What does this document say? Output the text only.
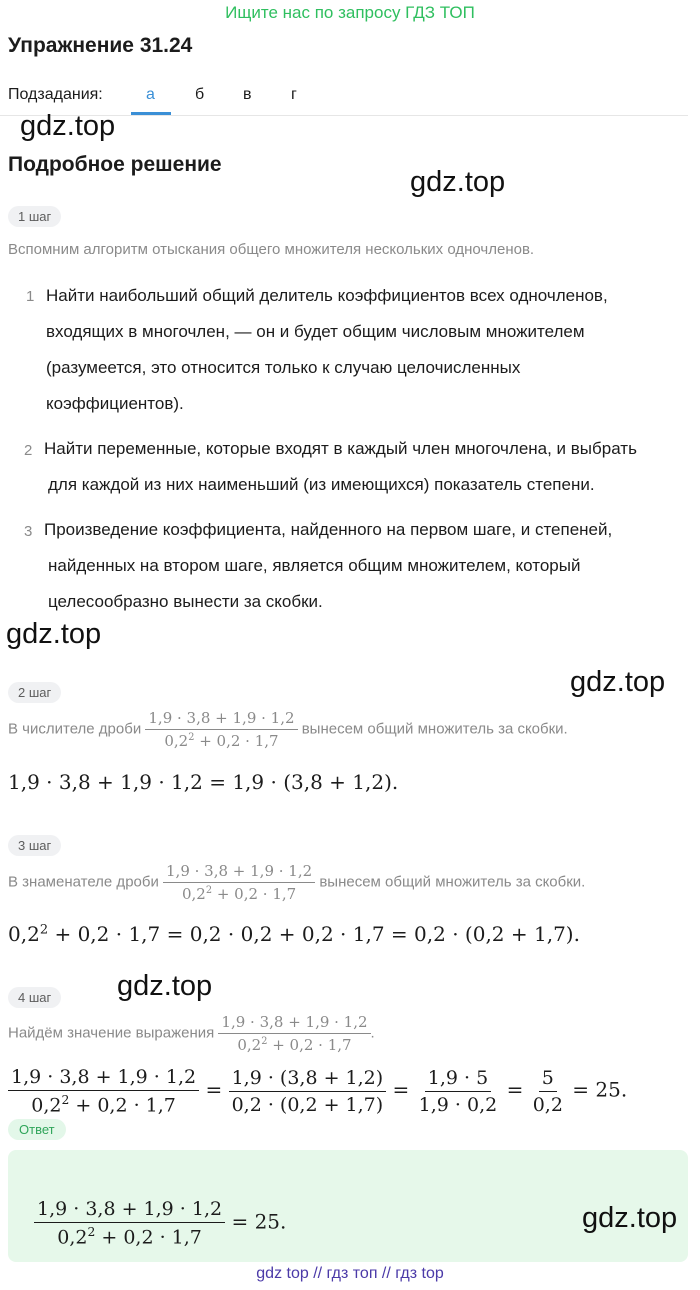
Ищите нас по запросу ГДЗ ТОП
Упражнение 31.24
Подзадания:	а	б в г
gdz.top
Подробное решение
gdz.top
1 шаг
Вспомним алгоритм отыскания общего множителя нескольких одночленов.
1 Найти наибольший общий делитель коэффициентов всех одночленов,
входящих в многочлен, — он и будет общим числовым множителем
(разумеется, это относится только к случаю целочисленных
коэффициентов).
2 Найти переменные, которые входят в каждый член многочлена, и выбрать
для каждой из них наименьший (из имеющихся) показатель степени.
3 Произведение коэффициента, найденного на первом шаге, и степеней,
найденных на втором шаге, является общим множителем, который
целесообразно вынести за скобки.
gdz.top
2 шаг	gdz.top
В числителе дроби $\frac{1,9 \cdot 3,8 + 1,9 \cdot 1,2}{0,2^2 + 0,2 \cdot 1,7}$ вынесем общий множитель за скобки.
1,9 · 3,8 + 1,9 · 1,2 = 1,9 · (3,8 + 1,2).
3 шаг
В знаменателе дроби $\frac{1,9 \cdot 3,8 + 1,9 \cdot 1,2}{0,2^2 + 0,2 \cdot 1,7}$ вынесем общий множитель за скобки.
$0,2^2 + 0,2 \cdot 1,7 = 0,2 \cdot 0,2 + 0,2 \cdot 1,7 = 0,2 \cdot (0,2 + 1,7)$.
4 шаг	gdz.top
Найдём значение выражения $\frac{1,9 \cdot 3,8 + 1,9 \cdot 1,2}{0,2^2 + 0,2 \cdot 1,7}$ .
$\frac{1,9 \cdot 3,8 + 1,9 \cdot 1,2}{0,2^2 + 0,2 \cdot 1,7} = \frac{1,9 \cdot (3,8 + 1,2)}{0,2 \cdot (0,2 + 1,7)} = \frac{1,9 \cdot 5}{1,9 \cdot 0,2} = \frac{5}{0,2} = 25$.
Ответ
$\frac{1,9 \cdot 3,8 + 1,9 \cdot 1,2}{0,2^2 + 0,2 \cdot 1,7} = 25$.	gdz.top
gdz top // гдз топ // гдз top
